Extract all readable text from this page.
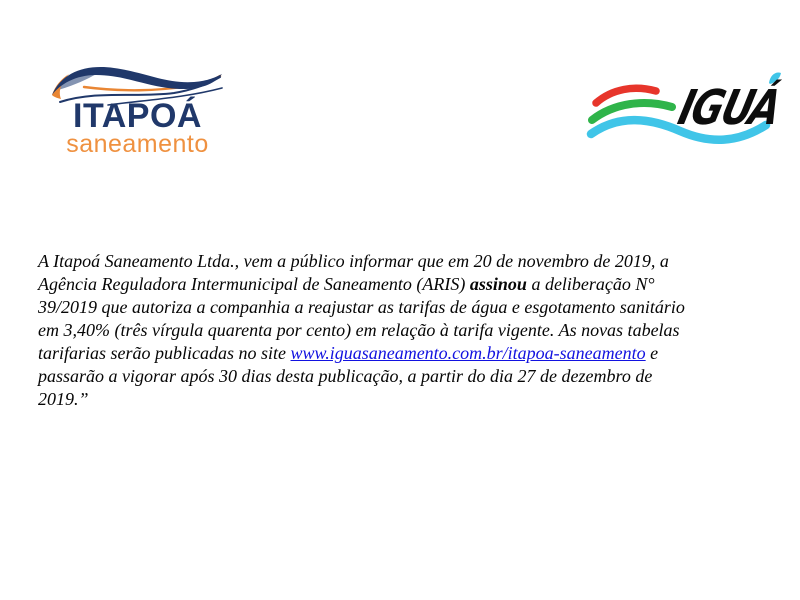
ITAPOÁ
saneamento
IGUÁ
A Itapoá Saneamento Ltda., vem a público informar que em 20 de novembro de 2019, a
Agência Reguladora Intermunicipal de Saneamento (ARIS) assinou a deliberação N°
39/2019 que autoriza a companhia a reajustar as tarifas de água e esgotamento sanitário
em 3,40% (três vírgula quarenta por cento) em relação à tarifa vigente. As novas tabelas
tarifarias serão publicadas no site www.iguasaneamento.com.br/itapoa-saneamento e
passarão a vigorar após 30 dias desta publicação, a partir do dia 27 de dezembro de
2019.”
